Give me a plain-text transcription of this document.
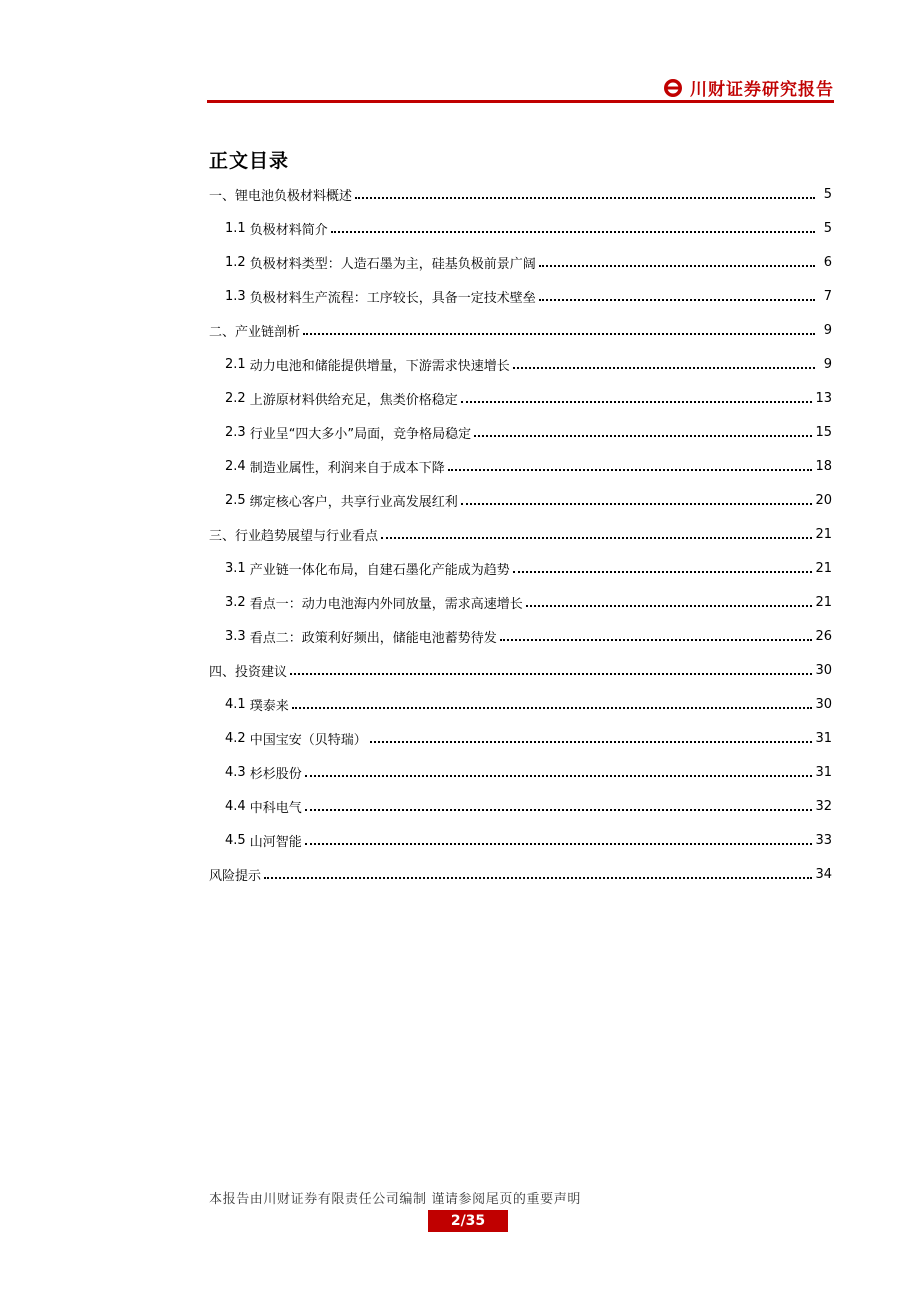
川财证券研究报告
正文目录
一、锂电池负极材料概述	5
1.1 负极材料简介	5
1.2 负极材料类型：人造石墨为主，硅基负极前景广阔	6
1.3 负极材料生产流程：工序较长，具备一定技术壁垒	7
二、产业链剖析	9
2.1 动力电池和储能提供增量，下游需求快速增长	9
2.2 上游原材料供给充足，焦类价格稳定	13
2.3 行业呈“四大多小”局面，竞争格局稳定	15
2.4 制造业属性，利润来自于成本下降	18
2.5 绑定核心客户，共享行业高发展红利	20
三、行业趋势展望与行业看点	21
3.1 产业链一体化布局，自建石墨化产能成为趋势	21
3.2 看点一：动力电池海内外同放量，需求高速增长	21
3.3 看点二：政策利好频出，储能电池蓄势待发	26
四、投资建议	30
4.1 璞泰来	30
4.2 中国宝安（贝特瑞）	31
4.3 杉杉股份	31
4.4 中科电气	32
4.5 山河智能	33
风险提示	34
本报告由川财证券有限责任公司编制 谨请参阅尾页的重要声明
2/35
